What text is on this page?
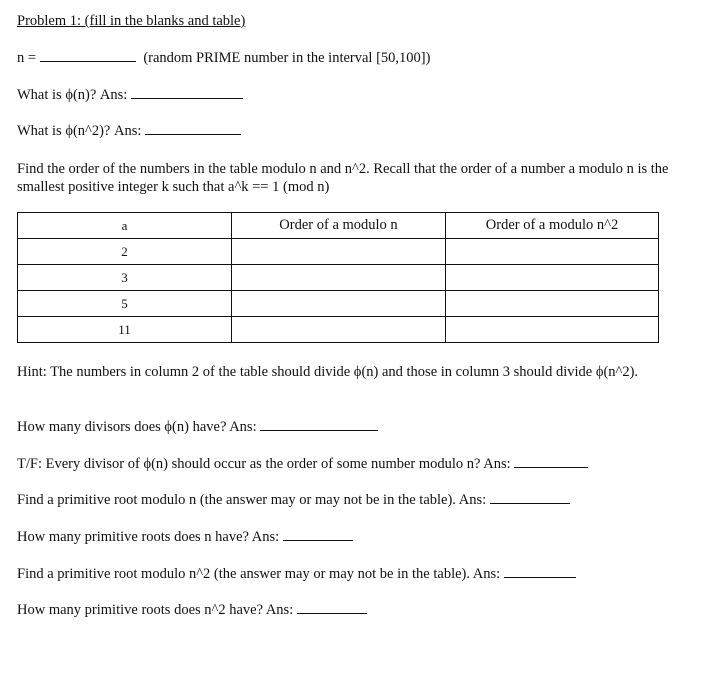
Problem 1: (fill in the blanks and table)
n =	(random PRIME number in the interval [50,100])
What is ϕ(n)? Ans:
What is ϕ(n^2)? Ans:
Find the order of the numbers in the table modulo n and n^2. Recall that the order of a number a modulo n is the smallest positive integer k such that a^k == 1 (mod n)
a	Order of a modulo n	Order of a modulo n^2
2		
3		
5		
11		
Hint: The numbers in column 2 of the table should divide ϕ(n) and those in column 3 should divide ϕ(n^2).
How many divisors does ϕ(n) have? Ans:
T/F: Every divisor of ϕ(n) should occur as the order of some number modulo n? Ans:
Find a primitive root modulo n (the answer may or may not be in the table). Ans:
How many primitive roots does n have? Ans:
Find a primitive root modulo n^2 (the answer may or may not be in the table). Ans:
How many primitive roots does n^2 have? Ans:
